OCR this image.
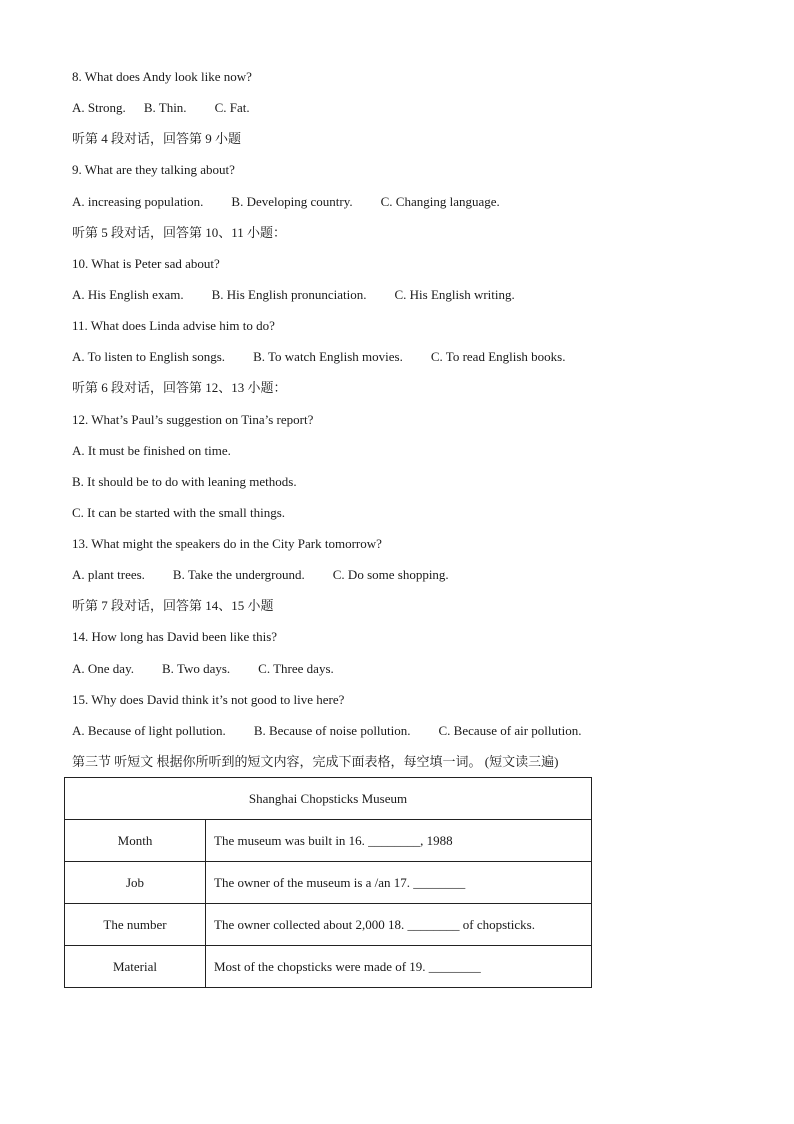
8. What does Andy look like now?
A. Strong. B. Thin. C. Fat.
听第 4 段对话，回答第 9 小题
9. What are they talking about?
A. increasing population. B. Developing country. C. Changing language.
听第 5 段对话，回答第 10、11 小题：
10. What is Peter sad about?
A. His English exam. B. His English pronunciation. C. His English writing.
11. What does Linda advise him to do?
A. To listen to English songs. B. To watch English movies. C. To read English books.
听第 6 段对话，回答第 12、13 小题：
12. What’s Paul’s suggestion on Tina’s report?
A. It must be finished on time.
B. It should be to do with leaning methods.
C. It can be started with the small things.
13. What might the speakers do in the City Park tomorrow?
A. plant trees. B. Take the underground. C. Do some shopping.
听第 7 段对话，回答第 14、15 小题
14. How long has David been like this?
A. One day. B. Two days. C. Three days.
15. Why does David think it’s not good to live here?
A. Because of light pollution. B. Because of noise pollution. C. Because of air pollution.
第三节 听短文 根据你所听到的短文内容，完成下面表格，每空填一词。 (短文读三遍)
Shanghai Chopsticks Museum	
Month	The museum was built in 16. ________, 1988
Job	The owner of the museum is a /an 17. ________
The number	The owner collected about 2,000 18. ________ of chopsticks.
Material	Most of the chopsticks were made of 19. ________
